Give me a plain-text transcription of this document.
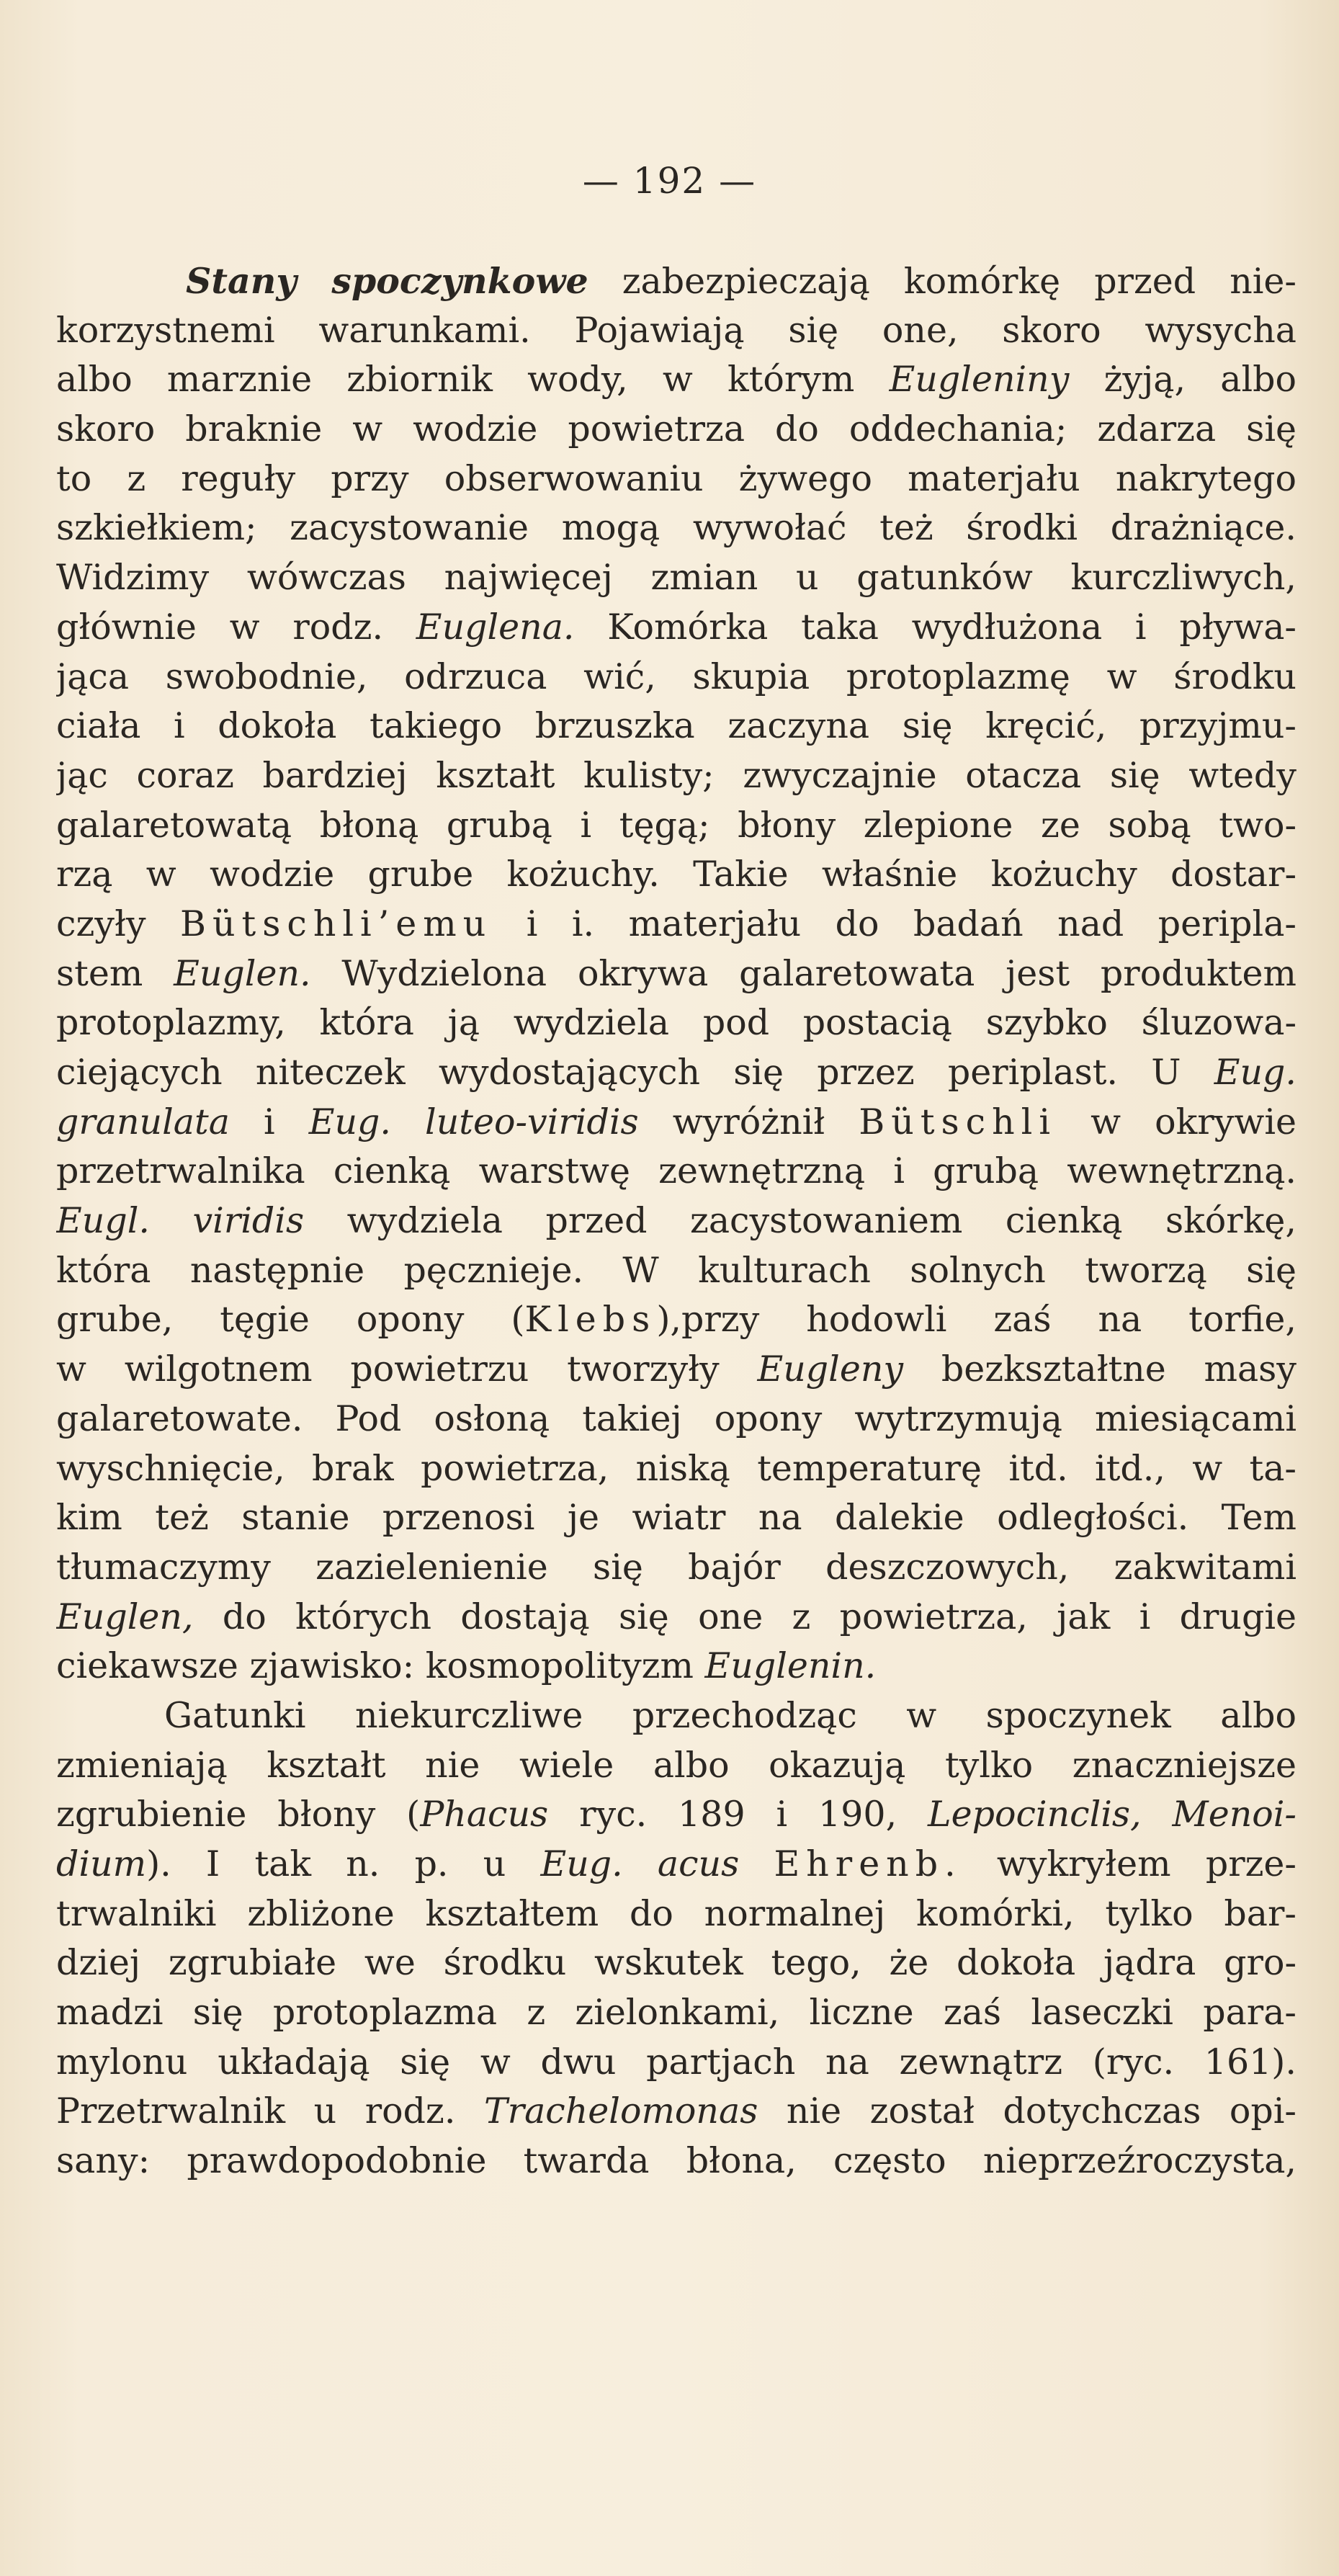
— 192 —
Stany spoczynkowe zabezpieczają komórkę przed nie-
korzystnemi warunkami. Pojawiają się one, skoro wysycha
albo marznie zbiornik wody, w którym Eugleniny żyją, albo
skoro braknie w wodzie powietrza do oddechania; zdarza się
to z reguły przy obserwowaniu żywego materjału nakrytego
szkiełkiem; zacystowanie mogą wywołać też środki drażniące.
Widzimy wówczas najwięcej zmian u gatunków kurczliwych,
głównie w rodz. Euglena. Komórka taka wydłużona i pływa-
jąca swobodnie, odrzuca wić, skupia protoplazmę w środku
ciała i dokoła takiego brzuszka zaczyna się kręcić, przyjmu-
jąc coraz bardziej kształt kulisty; zwyczajnie otacza się wtedy
galaretowatą błoną grubą i tęgą; błony zlepione ze sobą two-
rzą w wodzie grube kożuchy. Takie właśnie kożuchy dostar-
czyły Bütschli’emu i i. materjału do badań nad peripla-
stem Euglen. Wydzielona okrywa galaretowata jest produktem
protoplazmy, która ją wydziela pod postacią szybko śluzowa-
ciejących niteczek wydostających się przez periplast. U Eug.
granulata i Eug. luteo-viridis wyróżnił Bütschli w okrywie
przetrwalnika cienką warstwę zewnętrzną i grubą wewnętrzną.
Eugl. viridis wydziela przed zacystowaniem cienką skórkę,
która następnie pęcznieje. W kulturach solnych tworzą się
grube, tęgie opony (Klebs),przy hodowli zaś na torfie,
w wilgotnem powietrzu tworzyły Eugleny bezkształtne masy
galaretowate. Pod osłoną takiej opony wytrzymują miesiącami
wyschnięcie, brak powietrza, niską temperaturę itd. itd., w ta-
kim też stanie przenosi je wiatr na dalekie odległości. Tem
tłumaczymy zazielenienie się bajór deszczowych, zakwitami
Euglen, do których dostają się one z powietrza, jak i drugie
ciekawsze zjawisko: kosmopolityzm Euglenin.
Gatunki niekurczliwe przechodząc w spoczynek albo
zmieniają kształt nie wiele albo okazują tylko znaczniejsze
zgrubienie błony (Phacus ryc. 189 i 190, Lepocinclis, Menoi-
dium). I tak n. p. u Eug. acus Ehrenb. wykryłem prze-
trwalniki zbliżone kształtem do normalnej komórki, tylko bar-
dziej zgrubiałe we środku wskutek tego, że dokoła jądra gro-
madzi się protoplazma z zielonkami, liczne zaś laseczki para-
mylonu układają się w dwu partjach na zewnątrz (ryc. 161).
Przetrwalnik u rodz. Trachelomonas nie został dotychczas opi-
sany: prawdopodobnie twarda błona, często nieprzeźroczysta,
